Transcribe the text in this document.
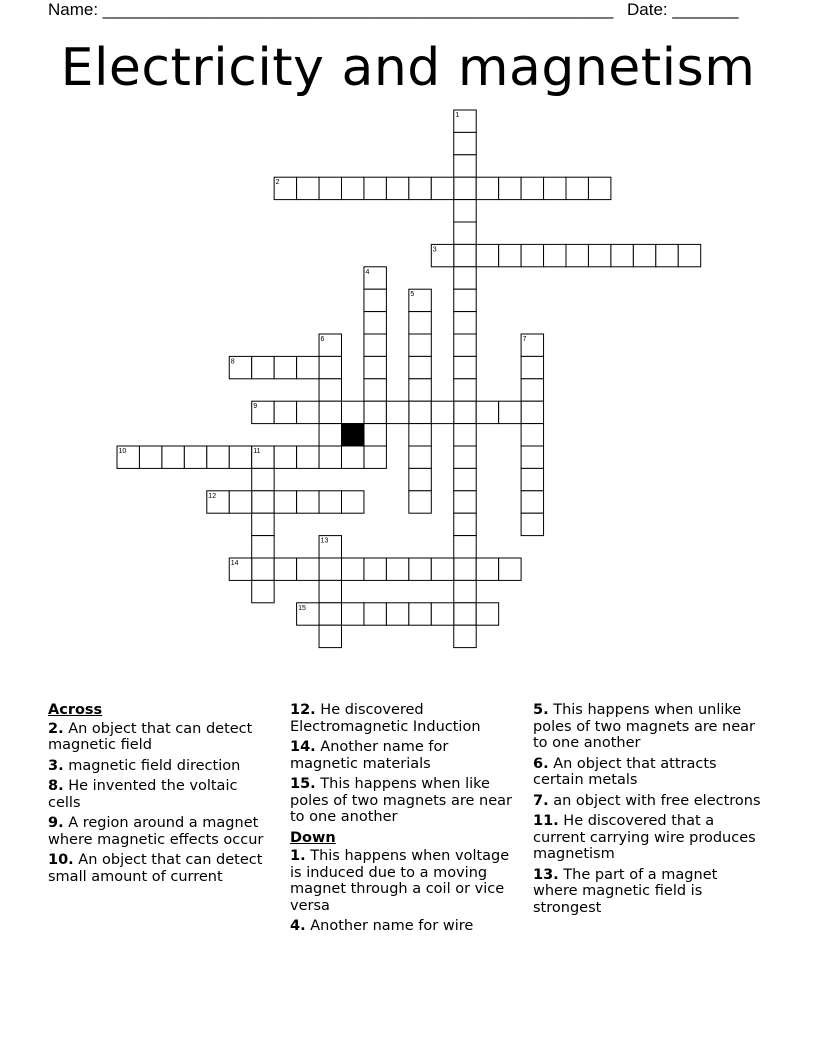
Name: ______________________________________________________ Date: _______
Electricity and magnetism
1
2
3
4
5
6	7
8
9
10	11
12
13
14
15
Across
2. An object that can detect magnetic field
3. magnetic field direction
8. He invented the voltaic cells
9. A region around a magnet where magnetic effects occur
10. An object that can detect small amount of current
12. He discovered Electromagnetic Induction
14. Another name for magnetic materials
15. This happens when like poles of two magnets are near to one another
Down
1. This happens when voltage is induced due to a moving magnet through a coil or vice versa
4. Another name for wire
5. This happens when unlike poles of two magnets are near to one another
6. An object that attracts certain metals
7. an object with free electrons
11. He discovered that a current carrying wire produces magnetism
13. The part of a magnet where magnetic field is strongest
